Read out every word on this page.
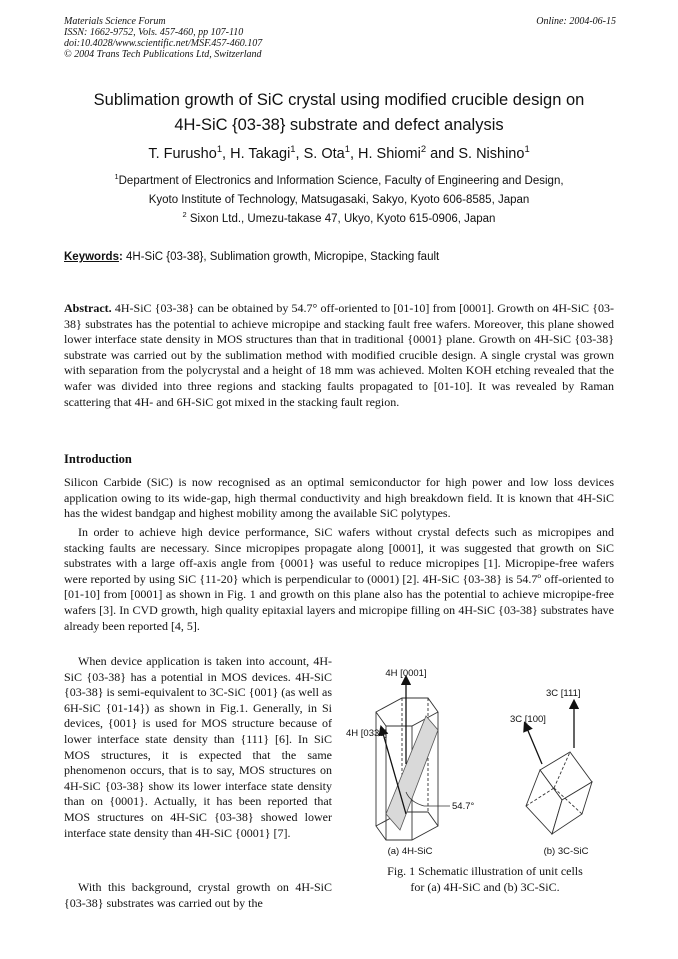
Materials Science Forum
ISSN: 1662-9752, Vols. 457-460, pp 107-110
doi:10.4028/www.scientific.net/MSF.457-460.107
© 2004 Trans Tech Publications Ltd, Switzerland
Online: 2004-06-15
Sublimation growth of SiC crystal using modified crucible design on
4H-SiC {03-38} substrate and defect analysis
T. Furusho$^1$, H. Takagi$^1$, S. Ota$^1$, H. Shiomi$^2$ and S. Nishino$^1$
$^1$Department of Electronics and Information Science, Faculty of Engineering and Design,
Kyoto Institute of Technology, Matsugasaki, Sakyo, Kyoto 606-8585, Japan
$^2$ Sixon Ltd., Umezu-takase 47, Ukyo, Kyoto 615-0906, Japan
Keywords: 4H-SiC {03-38}, Sublimation growth, Micropipe, Stacking fault
Abstract. 4H-SiC {03-38} can be obtained by 54.7° off-oriented to [01-10] from [0001]. Growth on 4H-SiC {03-38} substrates has the potential to achieve micropipe and stacking fault free wafers. Moreover, this plane showed lower interface state density in MOS structures than that in traditional {0001} plane. Growth on 4H-SiC {03-38} substrate was carried out by the sublimation method with modified crucible design. A single crystal was grown with separation from the polycrystal and a height of 18 mm was achieved. Molten KOH etching revealed that the wafer was divided into three regions and stacking faults propagated to [01-10]. It was revealed by Raman scattering that 4H- and 6H-SiC got mixed in the stacking fault region.
Introduction
Silicon Carbide (SiC) is now recognised as an optimal semiconductor for high power and low loss devices application owing to its wide-gap, high thermal conductivity and high breakdown field. It is known that 4H-SiC has the widest bandgap and highest mobility among the available SiC polytypes.
In order to achieve high device performance, SiC wafers without crystal defects such as micropipes and stacking faults are necessary. Since micropipes propagate along [0001], it was suggested that growth on SiC substrates with a large off-axis angle from {0001} was useful to reduce micropipes [1]. Micropipe-free wafers were reported by using SiC {11-20} which is perpendicular to (0001) [2]. 4H-SiC {03-38} is 54.7º off-oriented to [01-10] from [0001] as shown in Fig. 1 and growth on this plane also has the potential to achieve micropipe-free wafers [3]. In CVD growth, high quality epitaxial layers and micropipe filling on 4H-SiC {03-38} substrates have already been reported [4, 5].
When device application is taken into account, 4H-SiC {03-38} has a potential in MOS devices. 4H-SiC {03-38} is semi-equivalent to 3C-SiC {001} (as well as 6H-SiC {01-14}) as shown in Fig.1. Generally, in Si devices, {001} is used for MOS structure because of lower interface state density than {111} [6]. In SiC MOS structures, it is expected that the same phenomenon occurs, that is to say, MOS structures on 4H-SiC {03-38} show its lower interface state density than on {0001}. Actually, it has been reported that MOS structures on 4H-SiC {03-38} showed lower interface state density than 4H-SiC {0001} [7].
With this background, crystal growth on 4H-SiC {03-38} substrates was carried out by the
4H [0001]
4H [0338]
54.7°
(a) 4H-SiC
3C [111]
3C [100]
(b) 3C-SiC
Fig. 1 Schematic illustration of unit cells
for (a) 4H-SiC and (b) 3C-SiC.
